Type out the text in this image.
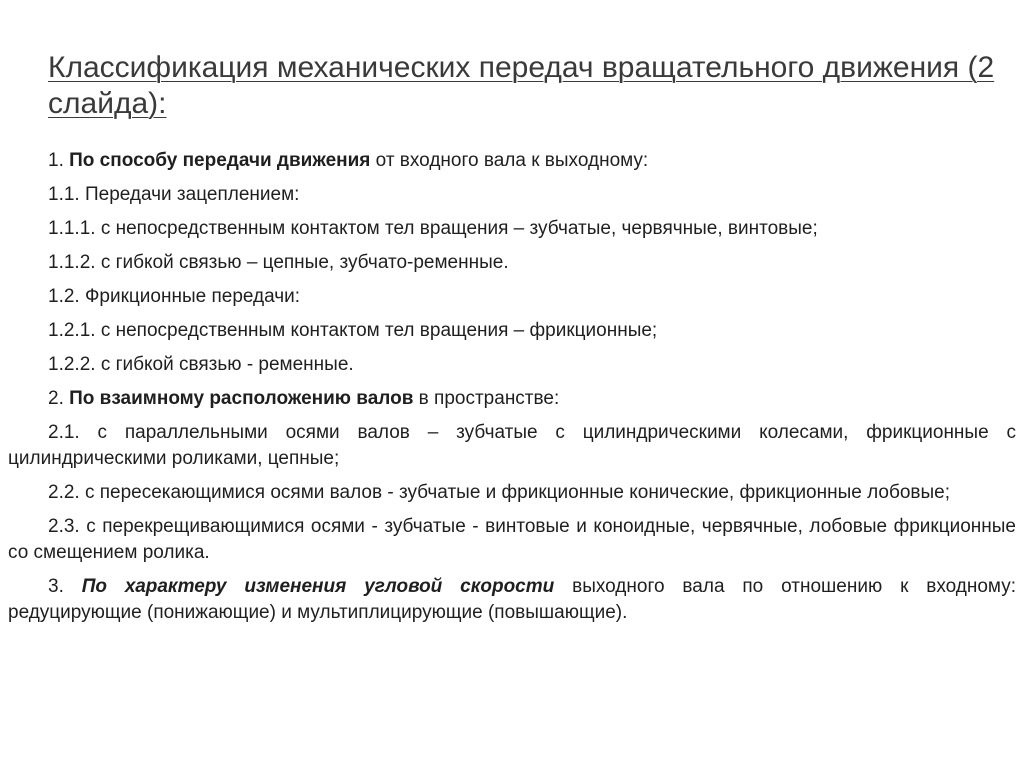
Классификация механических передач вращательного движения (2 слайда):

1. По способу передачи движения от входного вала к выходному:

1.1. Передачи зацеплением:

1.1.1. с непосредственным контактом тел вращения – зубчатые, червячные, винтовые;

1.1.2. с гибкой связью – цепные, зубчато-ременные.

1.2. Фрикционные передачи:

1.2.1. с непосредственным контактом тел вращения – фрикционные;

1.2.2. с гибкой связью - ременные.

2. По взаимному расположению валов в пространстве:

2.1. с параллельными осями валов – зубчатые с цилиндрическими колесами, фрикционные с цилиндрическими роликами, цепные;

2.2. с пересекающимися осями валов - зубчатые и фрикционные конические, фрикционные лобовые;

2.3. с перекрещивающимися осями - зубчатые - винтовые и коноидные, червячные, лобовые фрикционные со смещением ролика.

3. По характеру изменения угловой скорости выходного вала по отношению к входному: редуцирующие (понижающие) и мультиплицирующие (повышающие).
